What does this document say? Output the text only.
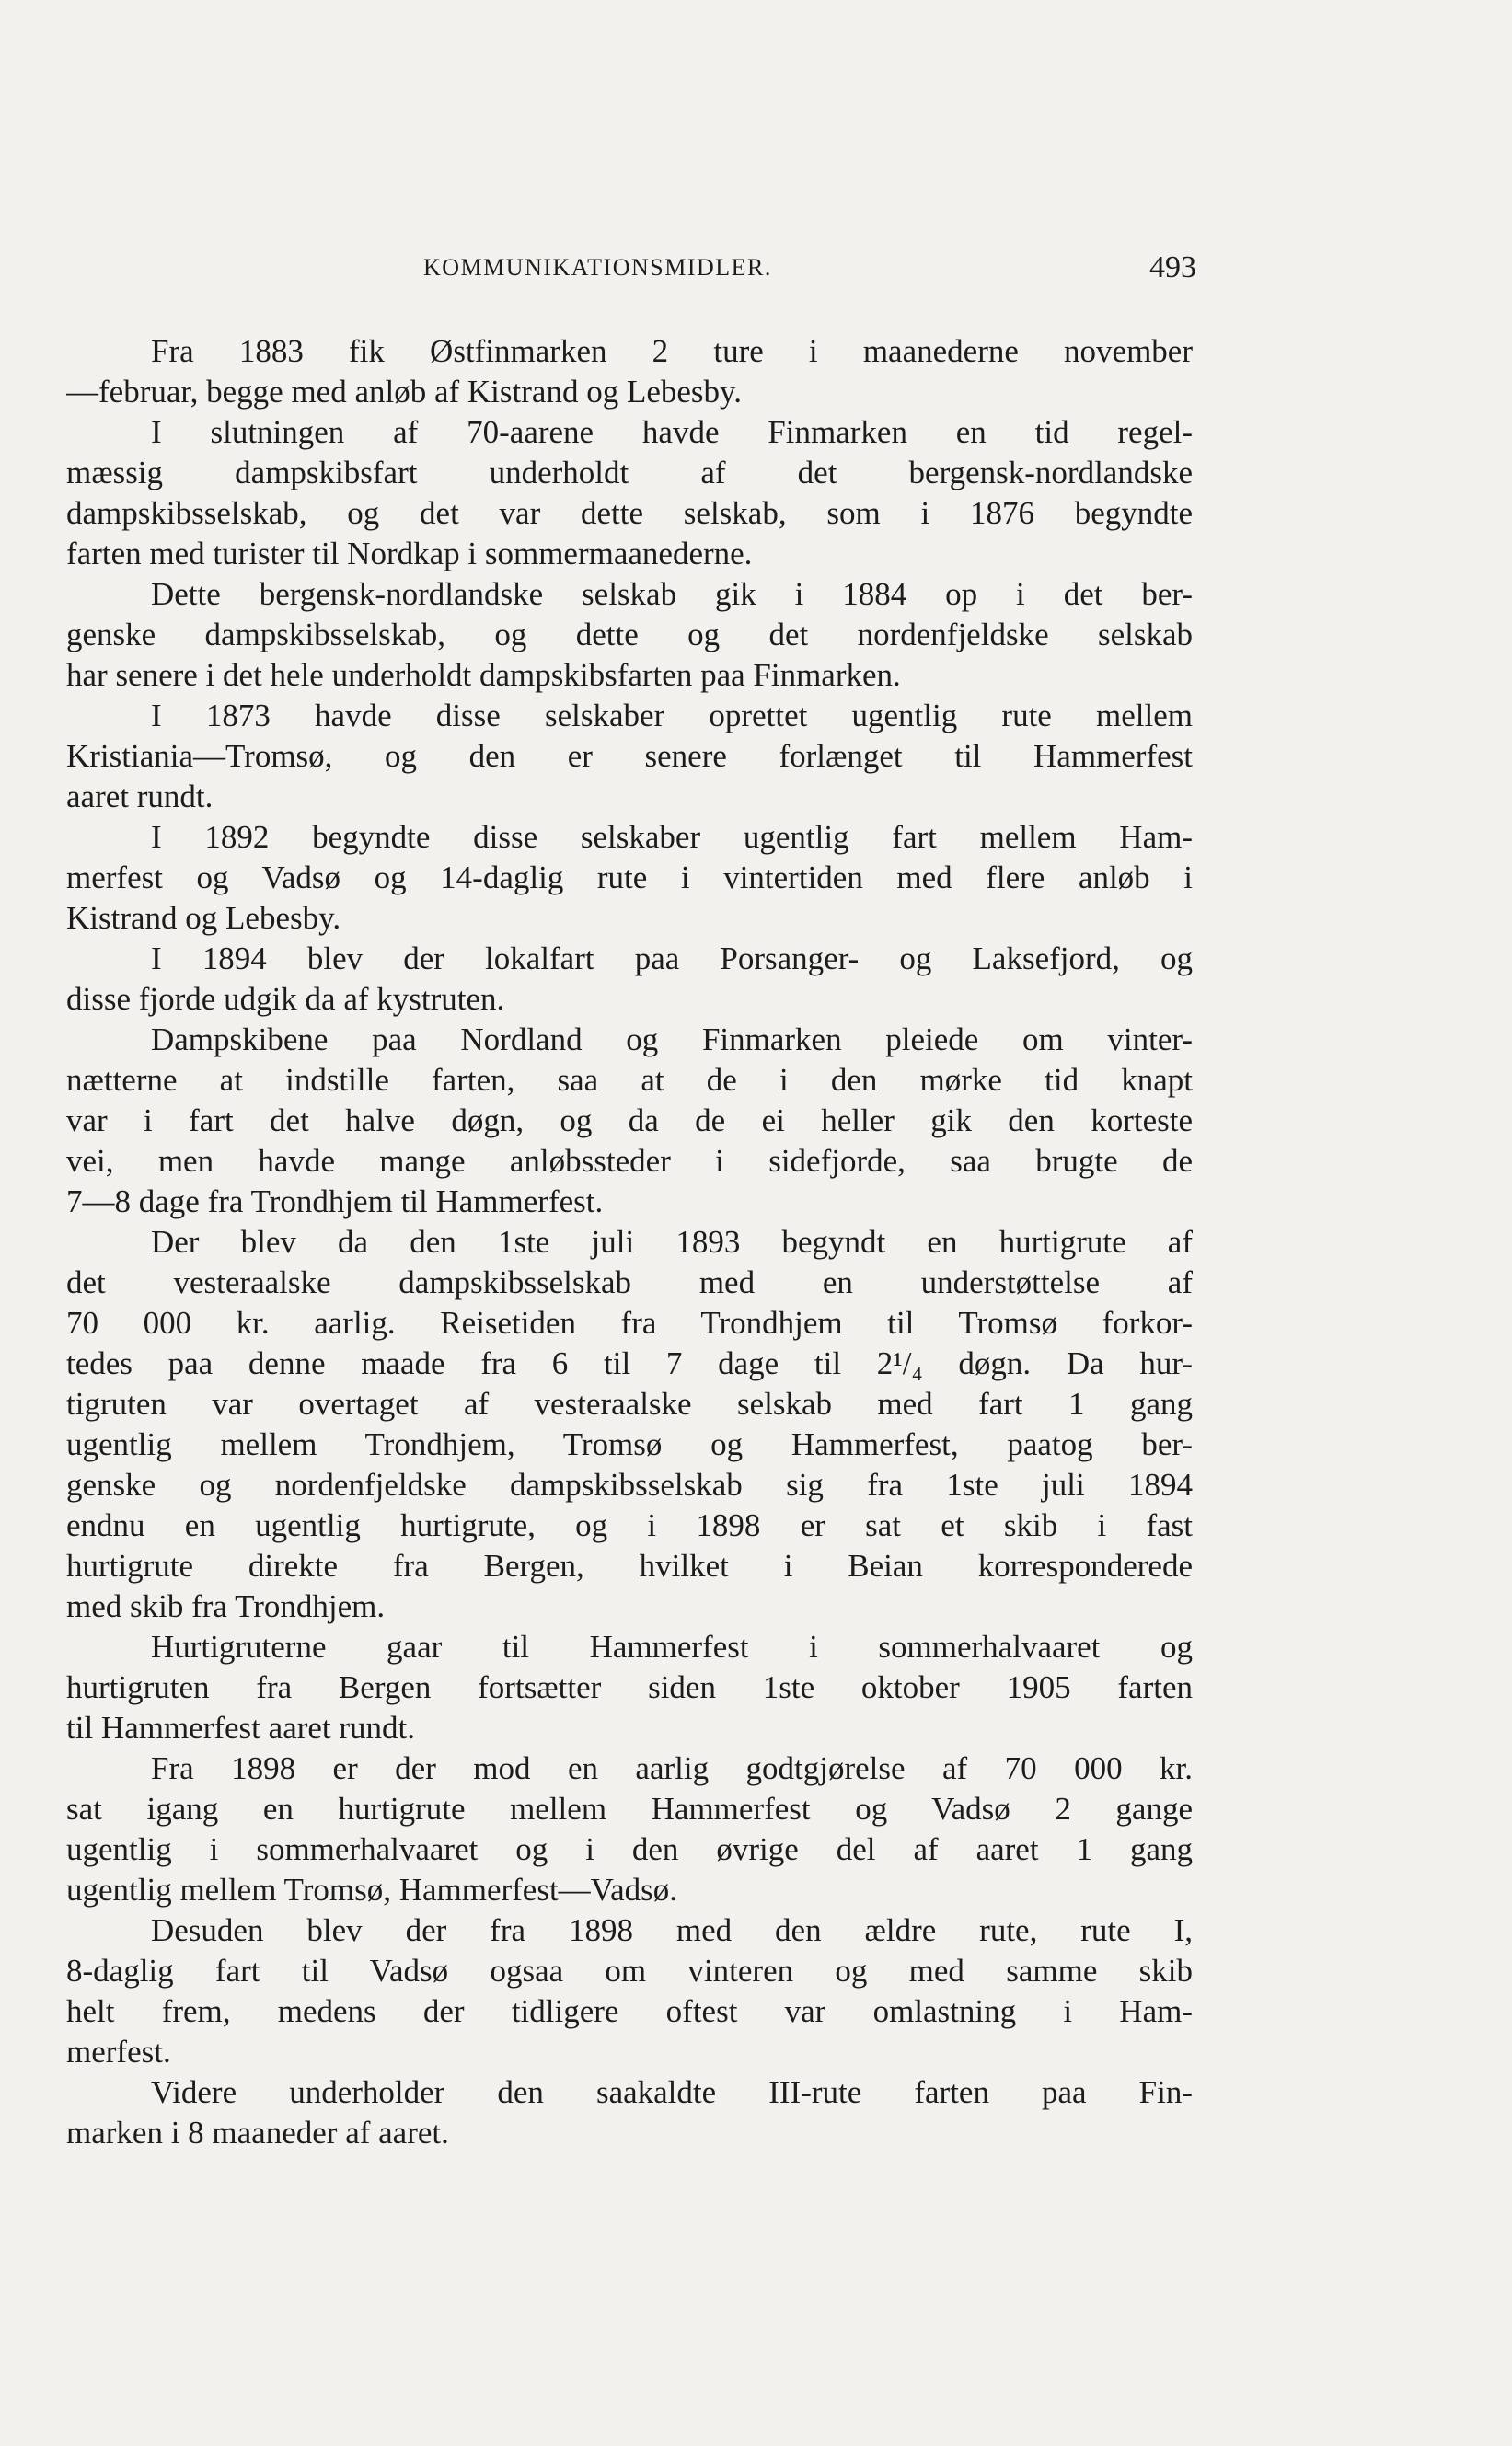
KOMMUNIKATIONSMIDLER.	493
Fra 1883 fik Østfinmarken 2 ture i maanederne november
—februar, begge med anløb af Kistrand og Lebesby.
I slutningen af 70-aarene havde Finmarken en tid regel-
mæssig dampskibsfart underholdt af det bergensk-nordlandske
dampskibsselskab, og det var dette selskab, som i 1876 begyndte
farten med turister til Nordkap i sommermaanederne.
Dette bergensk-nordlandske selskab gik i 1884 op i det ber-
genske dampskibsselskab, og dette og det nordenfjeldske selskab
har senere i det hele underholdt dampskibsfarten paa Finmarken.
I 1873 havde disse selskaber oprettet ugentlig rute mellem
Kristiania—Tromsø, og den er senere forlænget til Hammerfest
aaret rundt.
I 1892 begyndte disse selskaber ugentlig fart mellem Ham-
merfest og Vadsø og 14-daglig rute i vintertiden med flere anløb i
Kistrand og Lebesby.
I 1894 blev der lokalfart paa Porsanger- og Laksefjord, og
disse fjorde udgik da af kystruten.
Dampskibene paa Nordland og Finmarken pleiede om vinter-
nætterne at indstille farten, saa at de i den mørke tid knapt
var i fart det halve døgn, og da de ei heller gik den korteste
vei, men havde mange anløbssteder i sidefjorde, saa brugte de
7—8 dage fra Trondhjem til Hammerfest.
Der blev da den 1ste juli 1893 begyndt en hurtigrute af
det vesteraalske dampskibsselskab med en understøttelse af
70 000 kr. aarlig. Reisetiden fra Trondhjem til Tromsø forkor-
tedes paa denne maade fra 6 til 7 dage til 2¹/₄ døgn. Da hur-
tigruten var overtaget af vesteraalske selskab med fart 1 gang
ugentlig mellem Trondhjem, Tromsø og Hammerfest, paatog ber-
genske og nordenfjeldske dampskibsselskab sig fra 1ste juli 1894
endnu en ugentlig hurtigrute, og i 1898 er sat et skib i fast
hurtigrute direkte fra Bergen, hvilket i Beian korresponderede
med skib fra Trondhjem.
Hurtigruterne gaar til Hammerfest i sommerhalvaaret og
hurtigruten fra Bergen fortsætter siden 1ste oktober 1905 farten
til Hammerfest aaret rundt.
Fra 1898 er der mod en aarlig godtgjørelse af 70 000 kr.
sat igang en hurtigrute mellem Hammerfest og Vadsø 2 gange
ugentlig i sommerhalvaaret og i den øvrige del af aaret 1 gang
ugentlig mellem Tromsø, Hammerfest—Vadsø.
Desuden blev der fra 1898 med den ældre rute, rute I,
8-daglig fart til Vadsø ogsaa om vinteren og med samme skib
helt frem, medens der tidligere oftest var omlastning i Ham-
merfest.
Videre underholder den saakaldte III-rute farten paa Fin-
marken i 8 maaneder af aaret.
